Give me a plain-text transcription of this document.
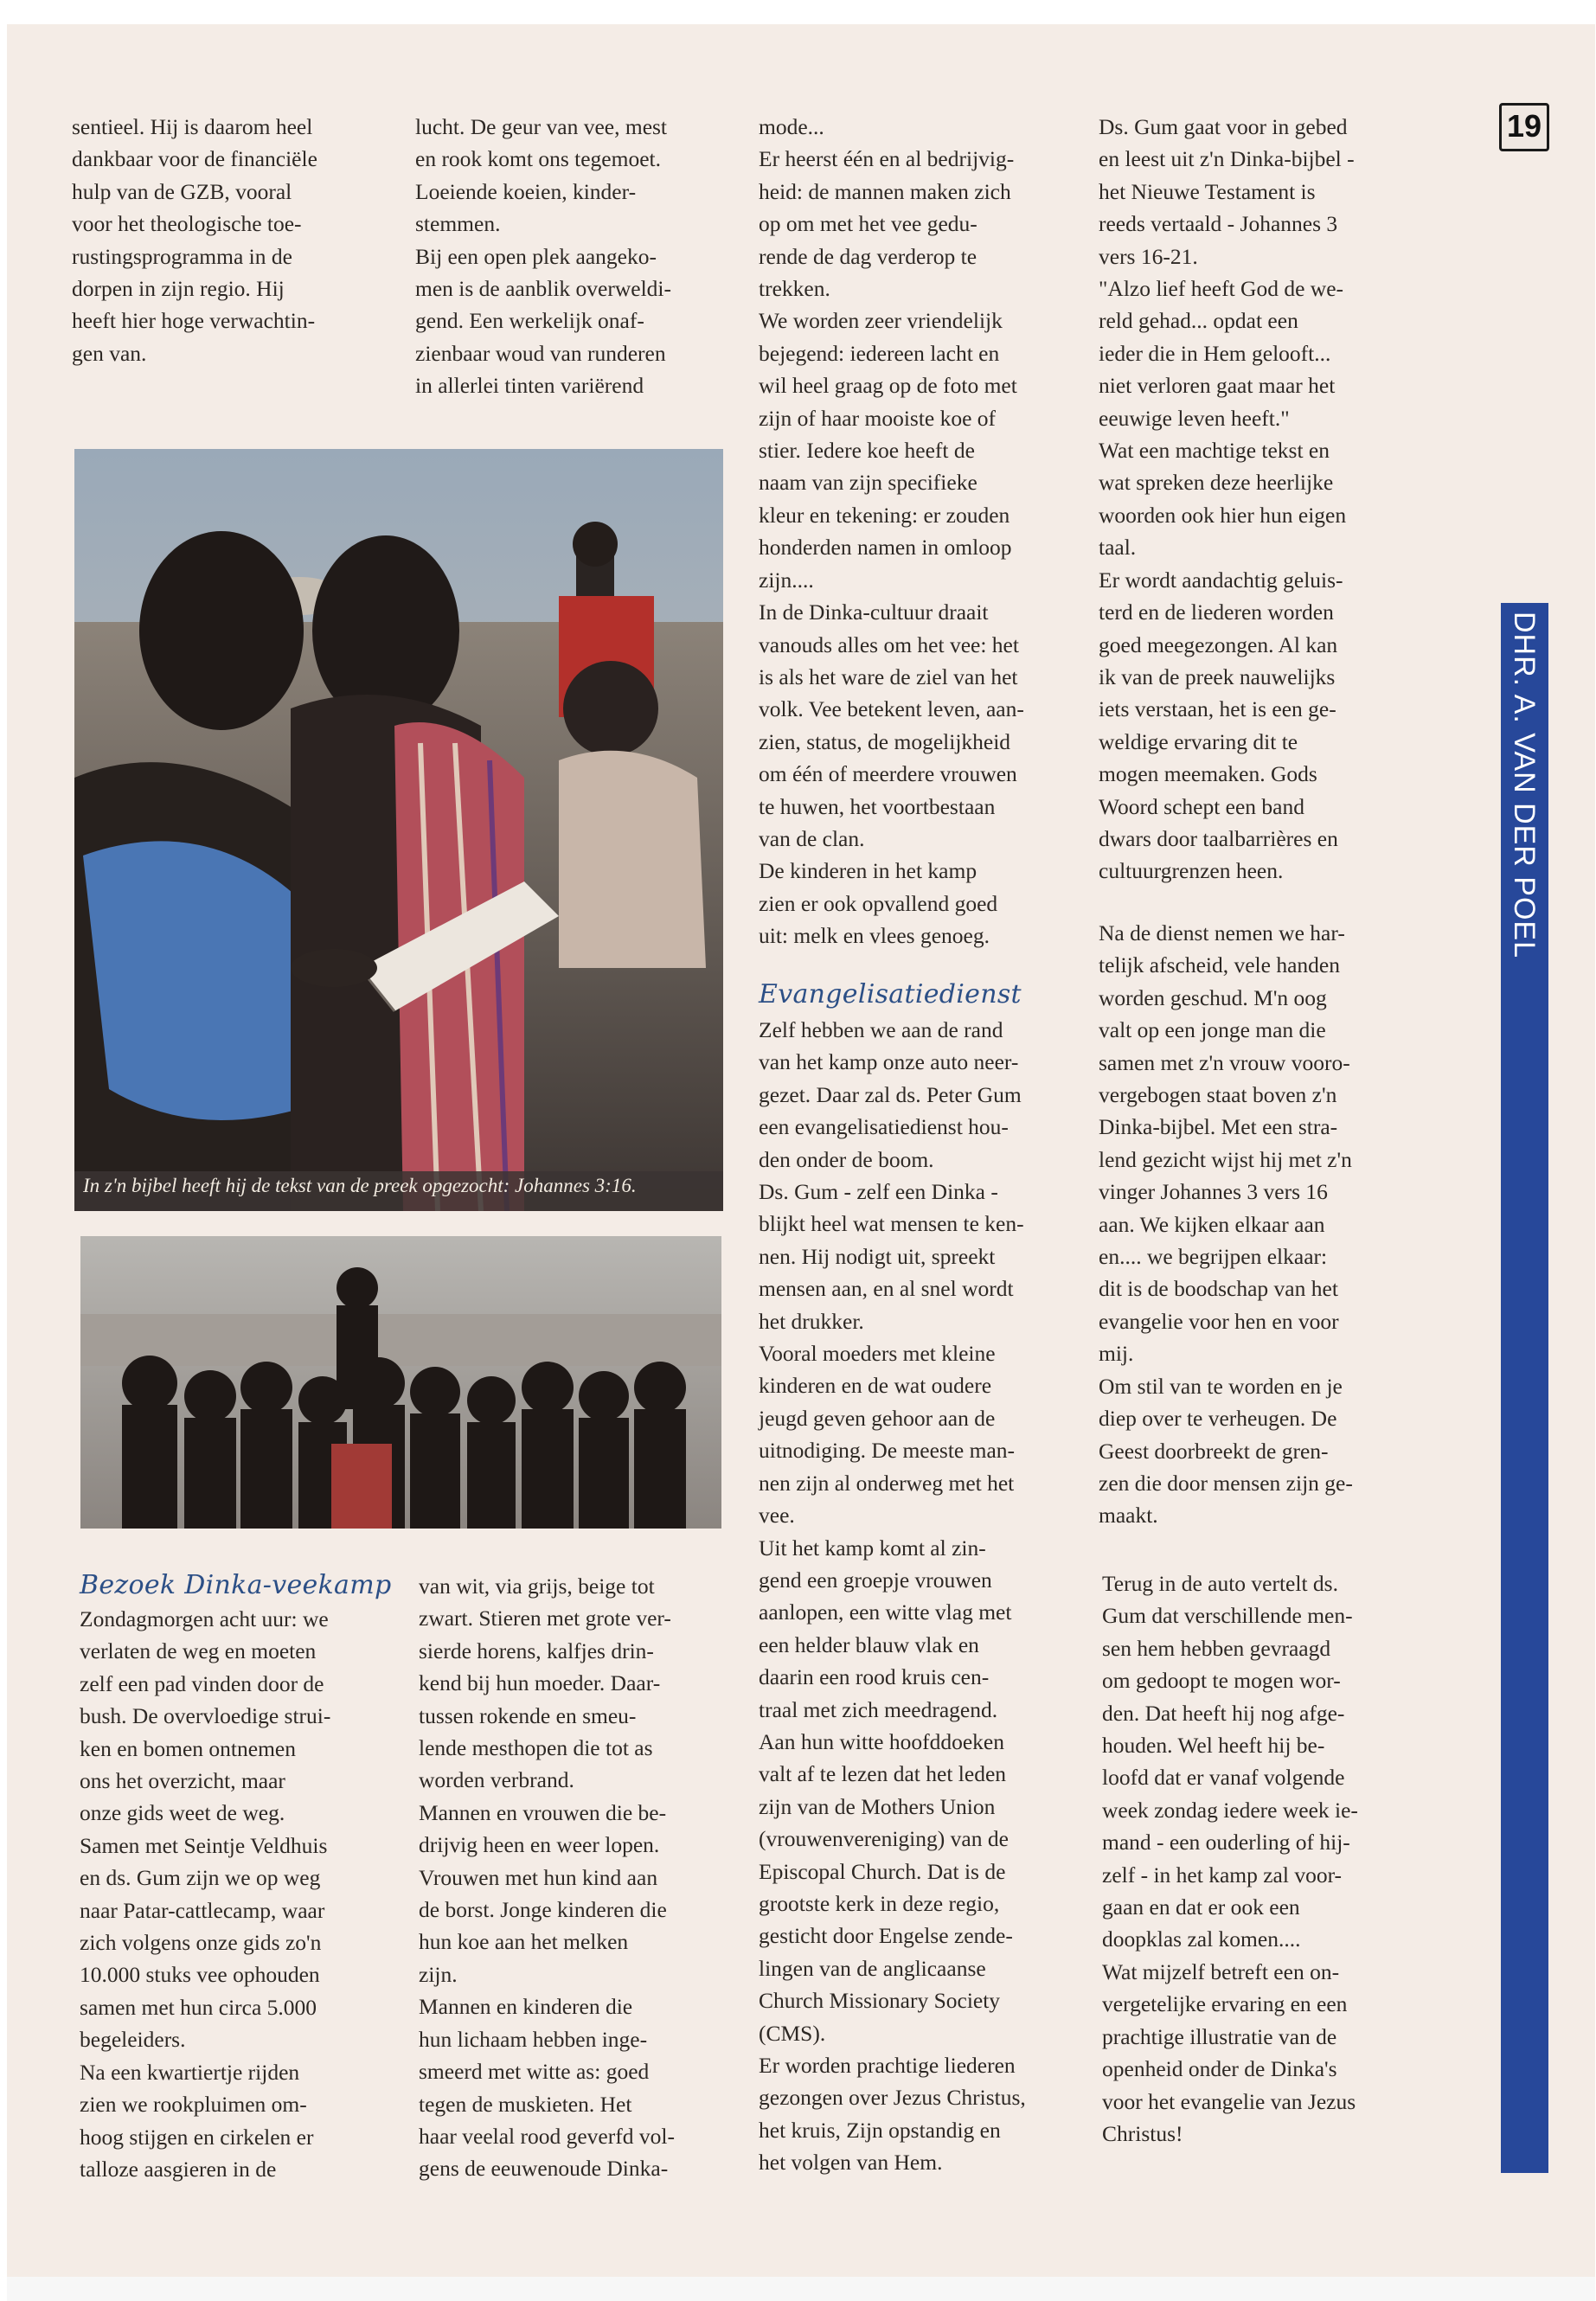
19
DHR. A. VAN DER POEL
sentieel. Hij is daarom heel
dankbaar voor de financiële
hulp van de GZB, vooral
voor het theologische toe-
rustingsprogramma in de
dorpen in zijn regio. Hij
heeft hier hoge verwachtin-
gen van.
lucht. De geur van vee, mest
en rook komt ons tegemoet.
Loeiende koeien, kinder-
stemmen.
Bij een open plek aangeko-
men is de aanblik overweldi-
gend. Een werkelijk onaf-
zienbaar woud van runderen
in allerlei tinten variërend
In z'n bijbel heeft hij de tekst van de preek opgezocht: Johannes 3:16.
Bezoek Dinka-veekamp
Zondagmorgen acht uur: we
verlaten de weg en moeten
zelf een pad vinden door de
bush. De overvloedige strui-
ken en bomen ontnemen
ons het overzicht, maar
onze gids weet de weg.
Samen met Seintje Veldhuis
en ds. Gum zijn we op weg
naar Patar-cattlecamp, waar
zich volgens onze gids zo'n
10.000 stuks vee ophouden
samen met hun circa 5.000
begeleiders.
Na een kwartiertje rijden
zien we rookpluimen om-
hoog stijgen en cirkelen er
talloze aasgieren in de
van wit, via grijs, beige tot
zwart. Stieren met grote ver-
sierde horens, kalfjes drin-
kend bij hun moeder. Daar-
tussen rokende en smeu-
lende mesthopen die tot as
worden verbrand.
Mannen en vrouwen die be-
drijvig heen en weer lopen.
Vrouwen met hun kind aan
de borst. Jonge kinderen die
hun koe aan het melken
zijn.
Mannen en kinderen die
hun lichaam hebben inge-
smeerd met witte as: goed
tegen de muskieten. Het
haar veelal rood geverfd vol-
gens de eeuwenoude Dinka-
mode...
Er heerst één en al bedrijvig-
heid: de mannen maken zich
op om met het vee gedu-
rende de dag verderop te
trekken.
We worden zeer vriendelijk
bejegend: iedereen lacht en
wil heel graag op de foto met
zijn of haar mooiste koe of
stier. Iedere koe heeft de
naam van zijn specifieke
kleur en tekening: er zouden
honderden namen in omloop
zijn....
In de Dinka-cultuur draait
vanouds alles om het vee: het
is als het ware de ziel van het
volk. Vee betekent leven, aan-
zien, status, de mogelijkheid
om één of meerdere vrouwen
te huwen, het voortbestaan
van de clan.
De kinderen in het kamp
zien er ook opvallend goed
uit: melk en vlees genoeg.
Evangelisatiedienst
Zelf hebben we aan de rand
van het kamp onze auto neer-
gezet. Daar zal ds. Peter Gum
een evangelisatiedienst hou-
den onder de boom.
Ds. Gum - zelf een Dinka -
blijkt heel wat mensen te ken-
nen. Hij nodigt uit, spreekt
mensen aan, en al snel wordt
het drukker.
Vooral moeders met kleine
kinderen en de wat oudere
jeugd geven gehoor aan de
uitnodiging. De meeste man-
nen zijn al onderweg met het
vee.
Uit het kamp komt al zin-
gend een groepje vrouwen
aanlopen, een witte vlag met
een helder blauw vlak en
daarin een rood kruis cen-
traal met zich meedragend.
Aan hun witte hoofddoeken
valt af te lezen dat het leden
zijn van de Mothers Union
(vrouwenvereniging) van de
Episcopal Church. Dat is de
grootste kerk in deze regio,
gesticht door Engelse zende-
lingen van de anglicaanse
Church Missionary Society
(CMS).
Er worden prachtige liederen
gezongen over Jezus Christus,
het kruis, Zijn opstandig en
het volgen van Hem.
Ds. Gum gaat voor in gebed
en leest uit z'n Dinka-bijbel -
het Nieuwe Testament is
reeds vertaald - Johannes 3
vers 16-21.
"Alzo lief heeft God de we-
reld gehad... opdat een
ieder die in Hem gelooft...
niet verloren gaat maar het
eeuwige leven heeft."
Wat een machtige tekst en
wat spreken deze heerlijke
woorden ook hier hun eigen
taal.
Er wordt aandachtig geluis-
terd en de liederen worden
goed meegezongen. Al kan
ik van de preek nauwelijks
iets verstaan, het is een ge-
weldige ervaring dit te
mogen meemaken. Gods
Woord schept een band
dwars door taalbarrières en
cultuurgrenzen heen.
Na de dienst nemen we har-
telijk afscheid, vele handen
worden geschud. M'n oog
valt op een jonge man die
samen met z'n vrouw vooro-
vergebogen staat boven z'n
Dinka-bijbel. Met een stra-
lend gezicht wijst hij met z'n
vinger Johannes 3 vers 16
aan. We kijken elkaar aan
en.... we begrijpen elkaar:
dit is de boodschap van het
evangelie voor hen en voor
mij.
Om stil van te worden en je
diep over te verheugen. De
Geest doorbreekt de gren-
zen die door mensen zijn ge-
maakt.
Terug in de auto vertelt ds.
Gum dat verschillende men-
sen hem hebben gevraagd
om gedoopt te mogen wor-
den. Dat heeft hij nog afge-
houden. Wel heeft hij be-
loofd dat er vanaf volgende
week zondag iedere week ie-
mand - een ouderling of hij-
zelf - in het kamp zal voor-
gaan en dat er ook een
doopklas zal komen....
Wat mijzelf betreft een on-
vergetelijke ervaring en een
prachtige illustratie van de
openheid onder de Dinka's
voor het evangelie van Jezus
Christus!
